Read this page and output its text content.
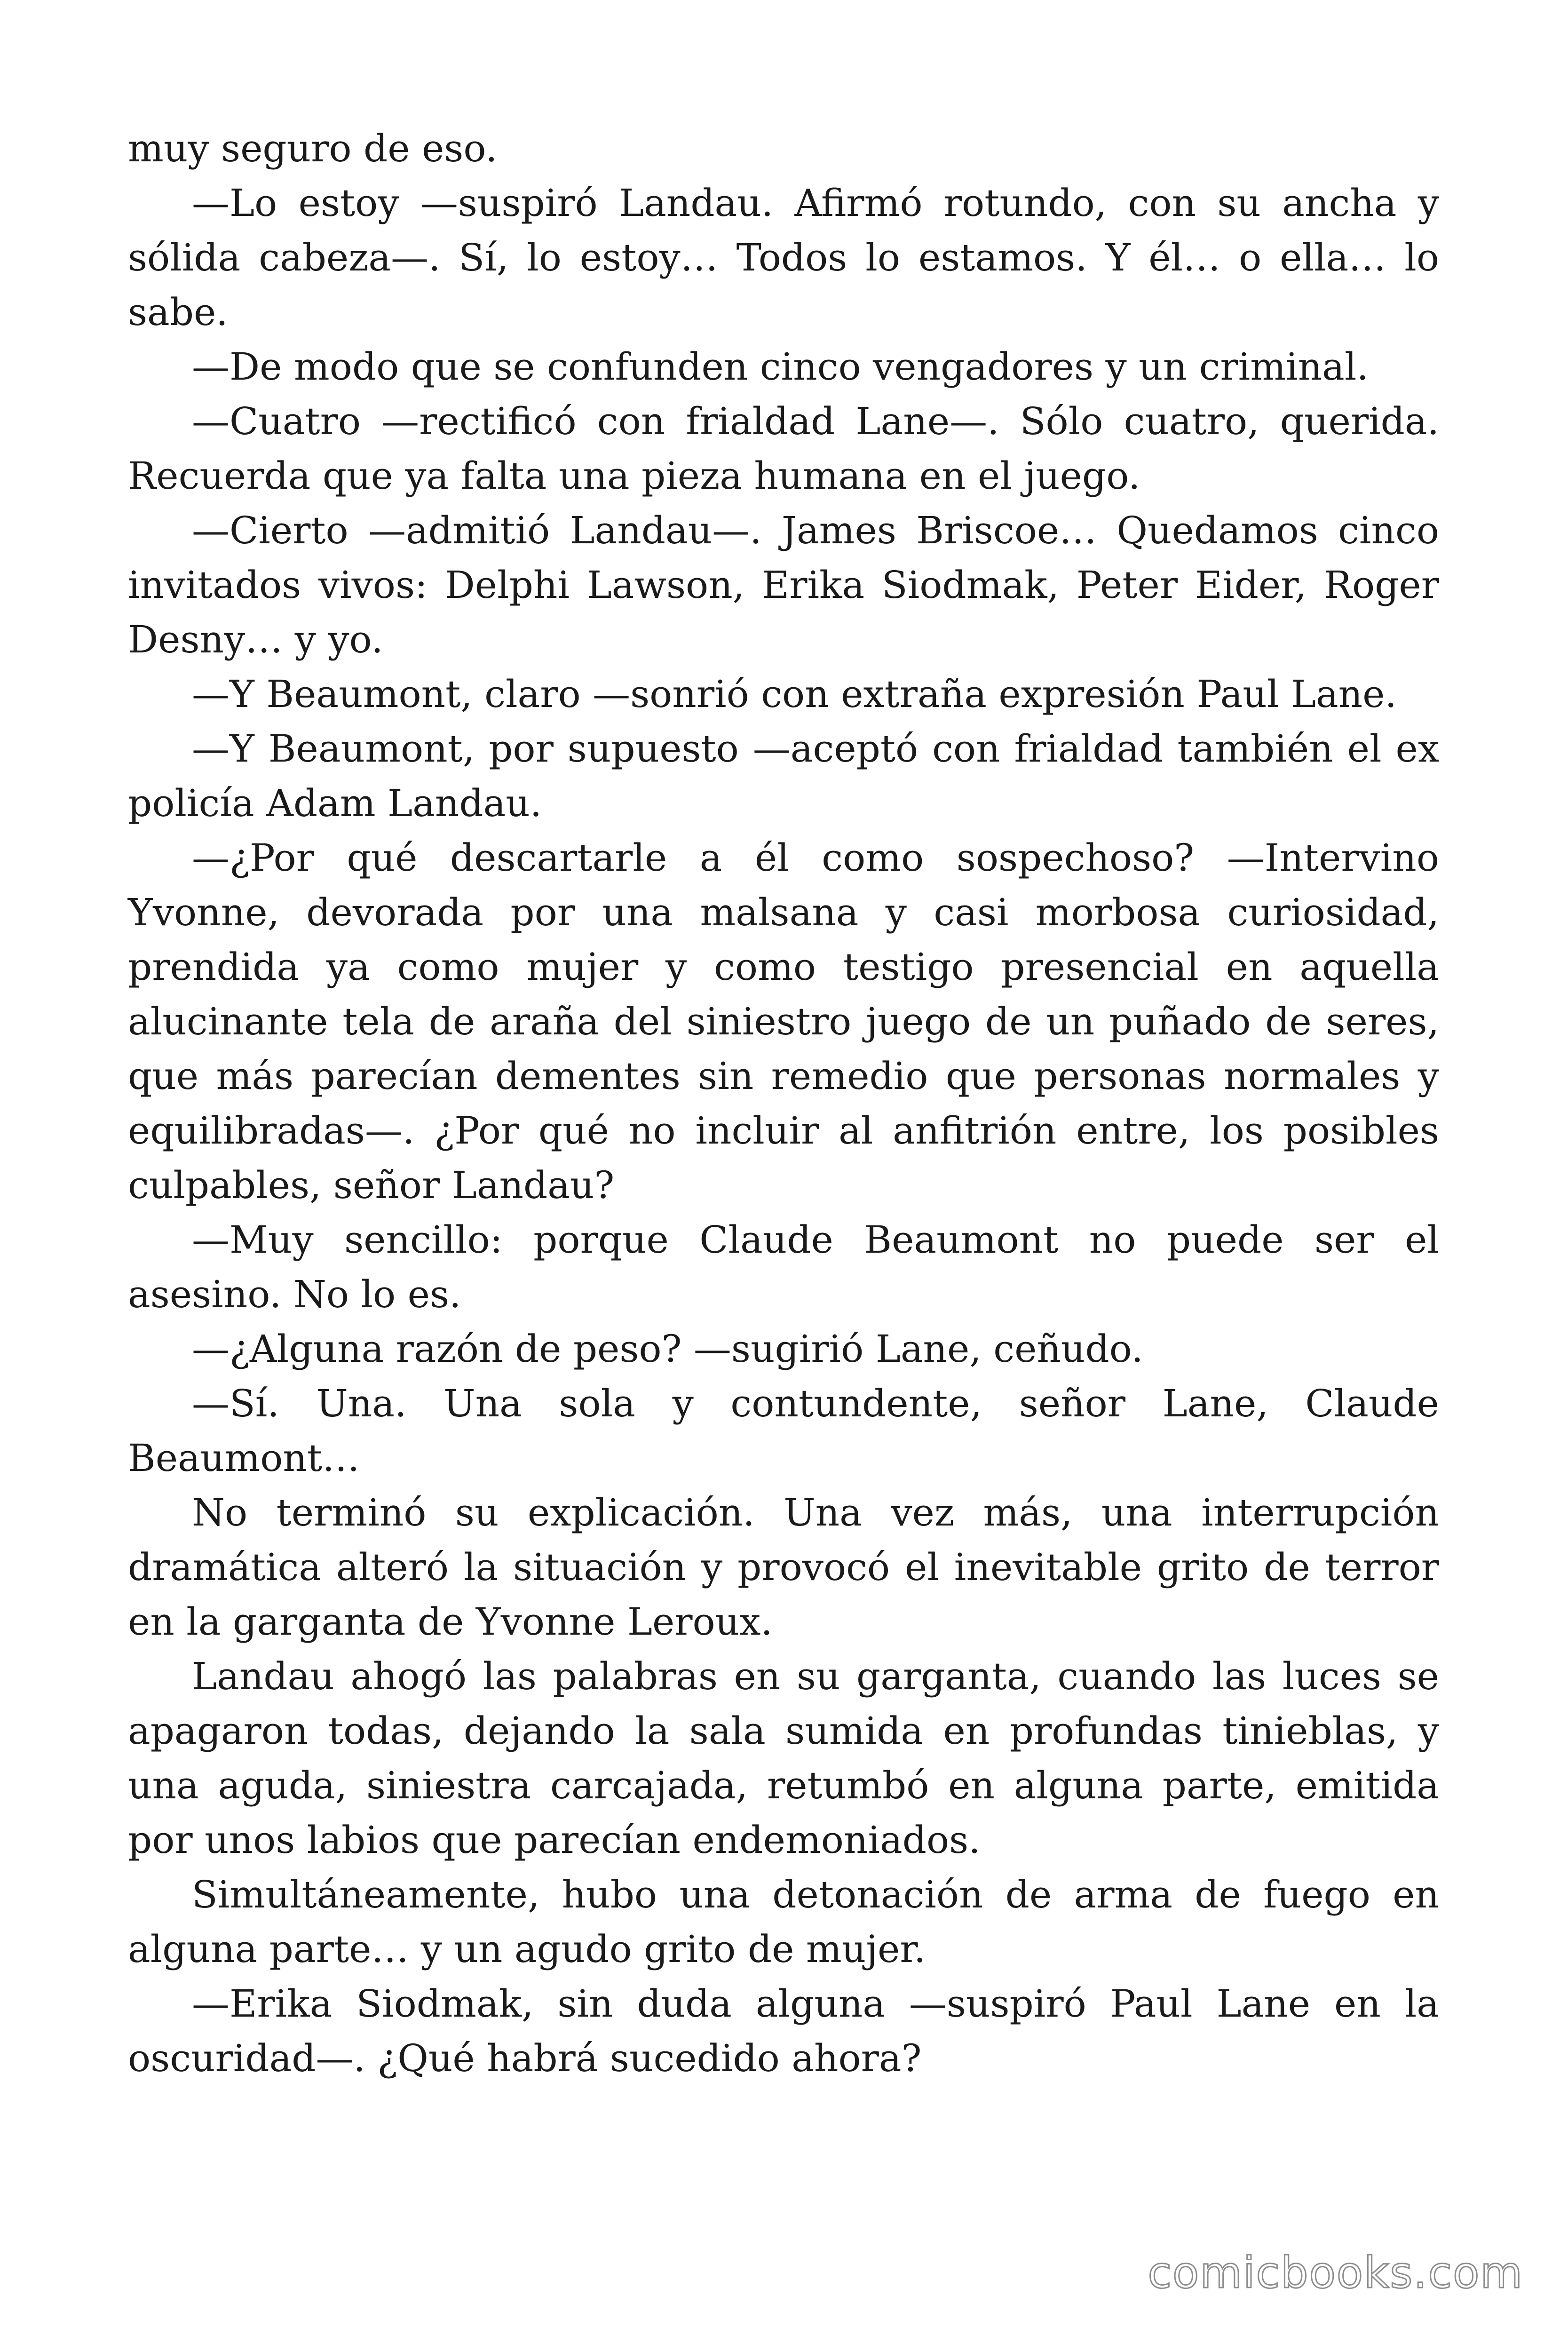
muy seguro de eso.

—Lo estoy —suspiró Landau. Afirmó rotundo, con su ancha y sólida cabeza—. Sí, lo estoy… Todos lo estamos. Y él… o ella… lo sabe.

—De modo que se confunden cinco vengadores y un criminal.

—Cuatro —rectificó con frialdad Lane—. Sólo cuatro, querida. Recuerda que ya falta una pieza humana en el juego.

—Cierto —admitió Landau—. James Briscoe… Quedamos cinco invitados vivos: Delphi Lawson, Erika Siodmak, Peter Eider, Roger Desny… y yo.

—Y Beaumont, claro —sonrió con extraña expresión Paul Lane.

—Y Beaumont, por supuesto —aceptó con frialdad también el ex policía Adam Landau.

—¿Por qué descartarle a él como sospechoso? —Intervino Yvonne, devorada por una malsana y casi morbosa curiosidad, prendida ya como mujer y como testigo presencial en aquella alucinante tela de araña del siniestro juego de un puñado de seres, que más parecían dementes sin remedio que personas normales y equilibradas—. ¿Por qué no incluir al anfitrión entre, los posibles culpables, señor Landau?

—Muy sencillo: porque Claude Beaumont no puede ser el asesino. No lo es.

—¿Alguna razón de peso? —sugirió Lane, ceñudo.

—Sí. Una. Una sola y contundente, señor Lane, Claude Beaumont…

No terminó su explicación. Una vez más, una interrupción dramática alteró la situación y provocó el inevitable grito de terror en la garganta de Yvonne Leroux.

Landau ahogó las palabras en su garganta, cuando las luces se apagaron todas, dejando la sala sumida en profundas tinieblas, y una aguda, siniestra carcajada, retumbó en alguna parte, emitida por unos labios que parecían endemoniados.

Simultáneamente, hubo una detonación de arma de fuego en alguna parte… y un agudo grito de mujer.

—Erika Siodmak, sin duda alguna —suspiró Paul Lane en la oscuridad—. ¿Qué habrá sucedido ahora?

comicbooks.com
